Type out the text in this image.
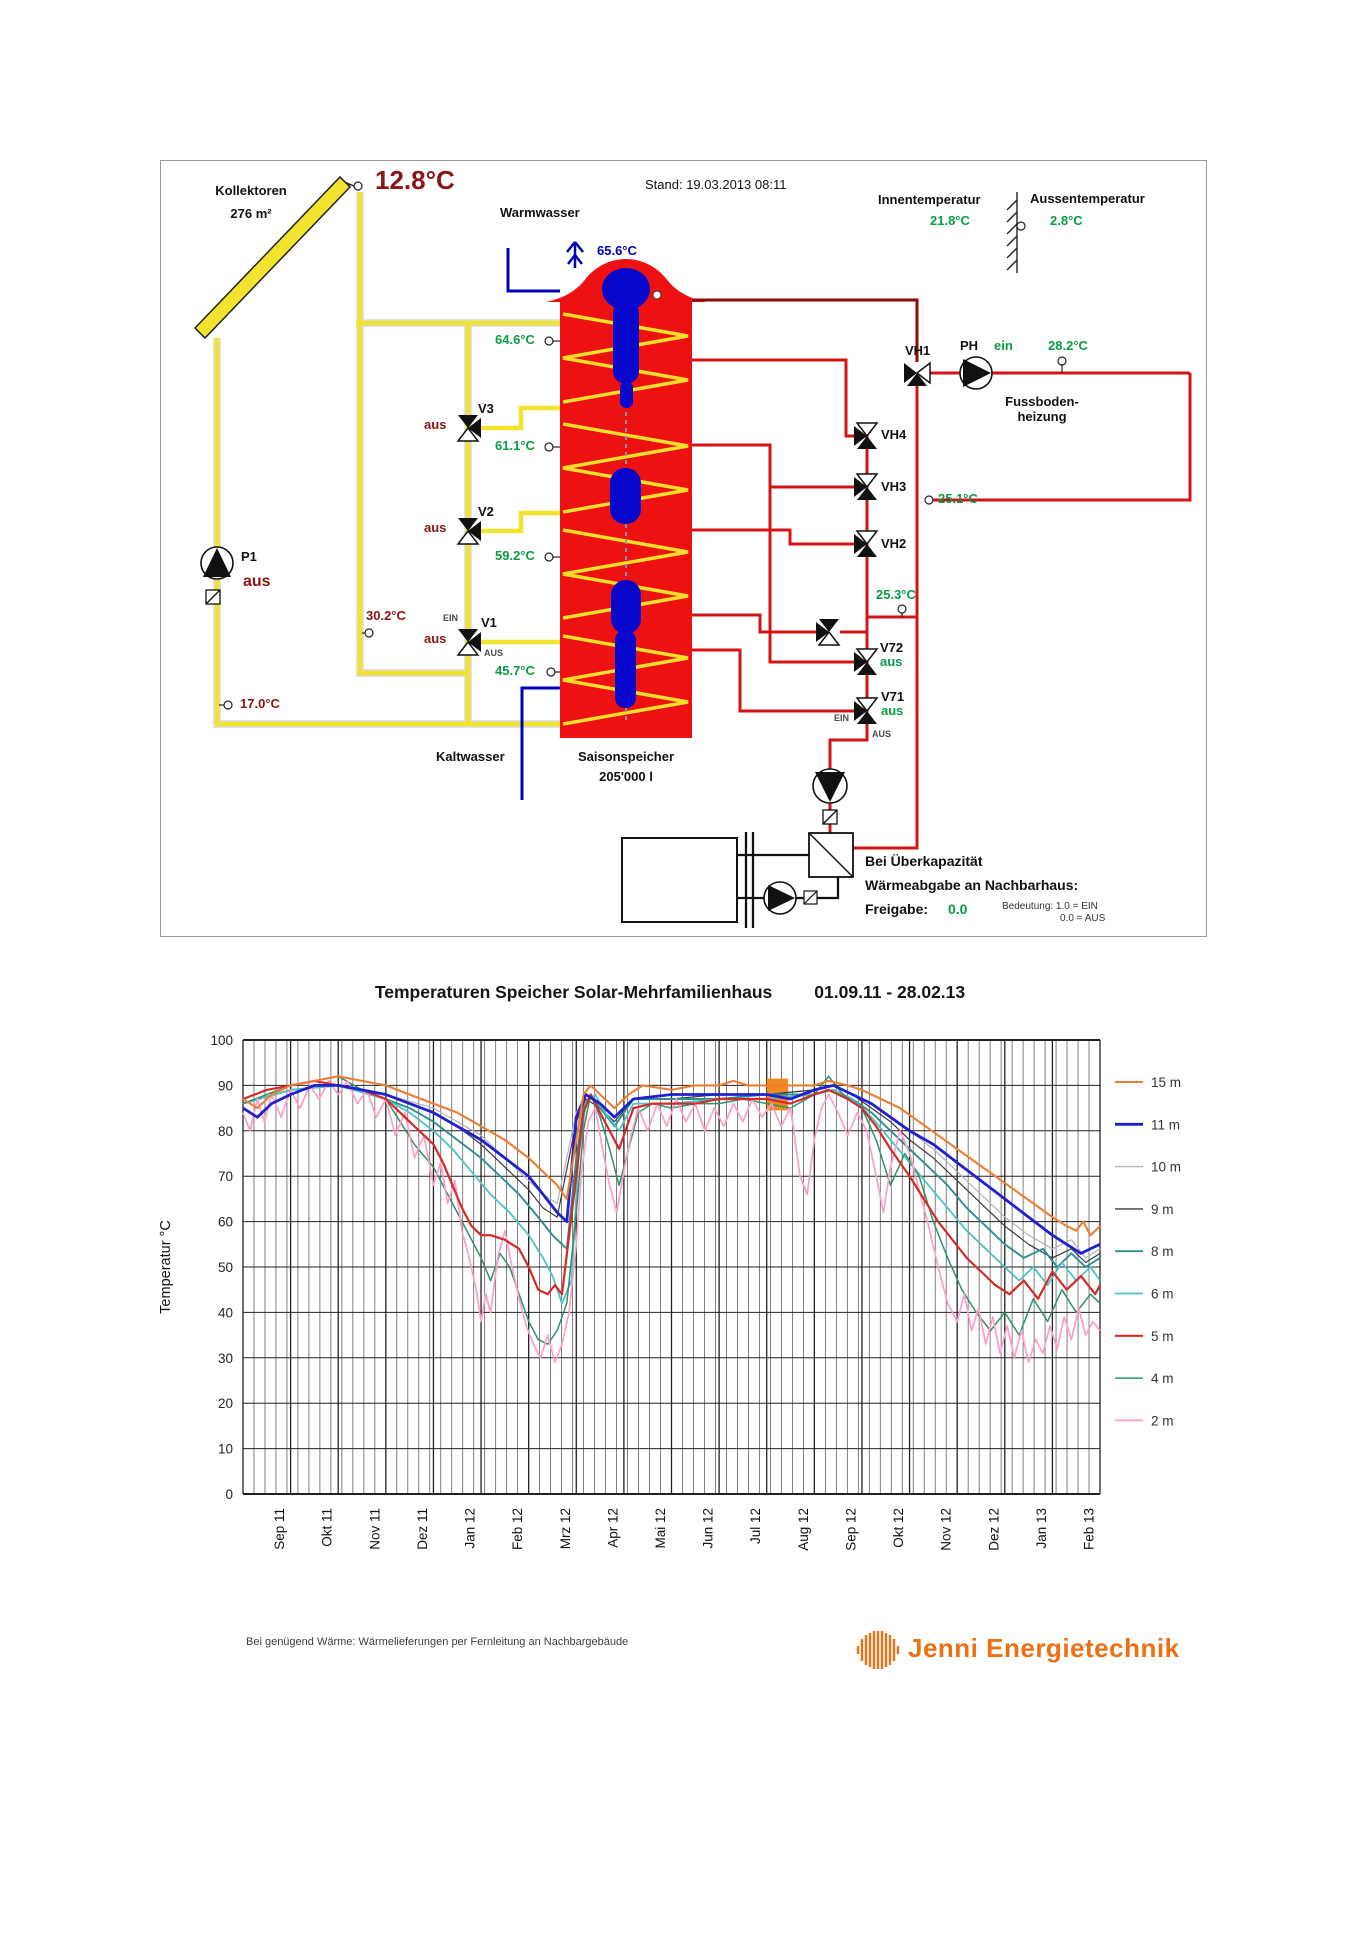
Kollektoren
276 m²
12.8°C	Stand: 19.03.2013 08:11
Innentemperatur
21.8°C
Aussentemperatur
2.8°C
Warmwasser
65.6°C
64.6°C
61.1°C
59.2°C
45.7°C
V3
aus
V2
aus
V1
aus
EIN
AUS
P1
aus
30.2°C
17.0°C
VH1 PH ein	28.2°C
Fussboden-
heizung
VH4
VH3
VH2
25.1°C
25.3°C
V72
aus
V71
aus
EIN
AUS
Kaltwasser	Saisonspeicher
205'000 l
Bei Überkapazität
Wärmeabgabe an Nachbarhaus:
Freigabe: 0.0	Bedeutung: 1.0 = EIN
0.0 = AUS
Temperaturen Speicher Solar-Mehrfamilienhaus 01.09.11 - 28.02.13
0
10
20
30
40
50
60
70
80
90
100
Sep 11 Okt 11 Nov 11 Dez 11 Jan 12 Feb 12 Mrz 12 Apr 12 Mai 12 Jun 12 Jul 12 Aug 12 Sep 12 Okt 12 Nov 12 Dez 12 Jan 13 Feb 13
Temperatur °C
15 m
11 m
10 m
9 m
8 m
6 m
5 m
4 m
2 m
Bei genügend Wärme: Wärmelieferungen per Fernleitung an Nachbargebäude	Jenni Energietechnik
